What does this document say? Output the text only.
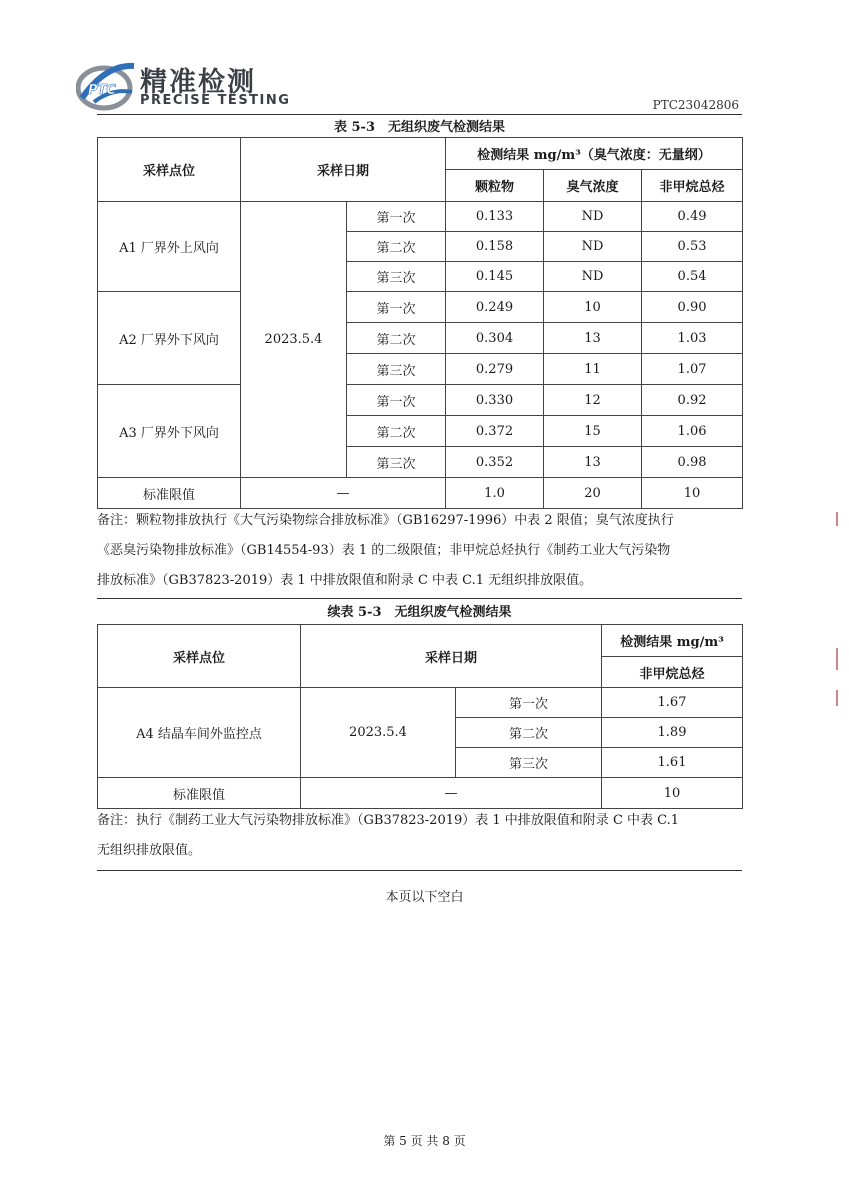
PTC 精准检测
PRECISE TESTING	PTC23042806
表 5-3　无组织废气检测结果
采样点位	采样日期		检测结果 mg/m³（臭气浓度：无量纲）		
			颗粒物	臭气浓度	非甲烷总烃
A1 厂界外上风向	2023.5.4	第一次	0.133	ND	0.49
		第二次	0.158	ND	0.53
		第三次	0.145	ND	0.54
A2 厂界外下风向		第一次	0.249	10	0.90
		第二次	0.304	13	1.03
		第三次	0.279	11	1.07
A3 厂界外下风向		第一次	0.330	12	0.92
		第二次	0.372	15	1.06
		第三次	0.352	13	0.98
标准限值	—		1.0	20	10
备注：颗粒物排放执行《大气污染物综合排放标准》（GB16297-1996）中表 2 限值；臭气浓度执行
《恶臭污染物排放标准》（GB14554-93）表 1 的二级限值；非甲烷总烃执行《制药工业大气污染物
排放标准》（GB37823-2019）表 1 中排放限值和附录 C 中表 C.1 无组织排放限值。
续表 5-3　无组织废气检测结果
采样点位	采样日期		检测结果 mg/m³
			非甲烷总烃
A4 结晶车间外监控点	2023.5.4	第一次	1.67
		第二次	1.89
		第三次	1.61
标准限值	—		10
备注：执行《制药工业大气污染物排放标准》（GB37823-2019）表 1 中排放限值和附录 C 中表 C.1
无组织排放限值。
本页以下空白
第 5 页 共 8 页
